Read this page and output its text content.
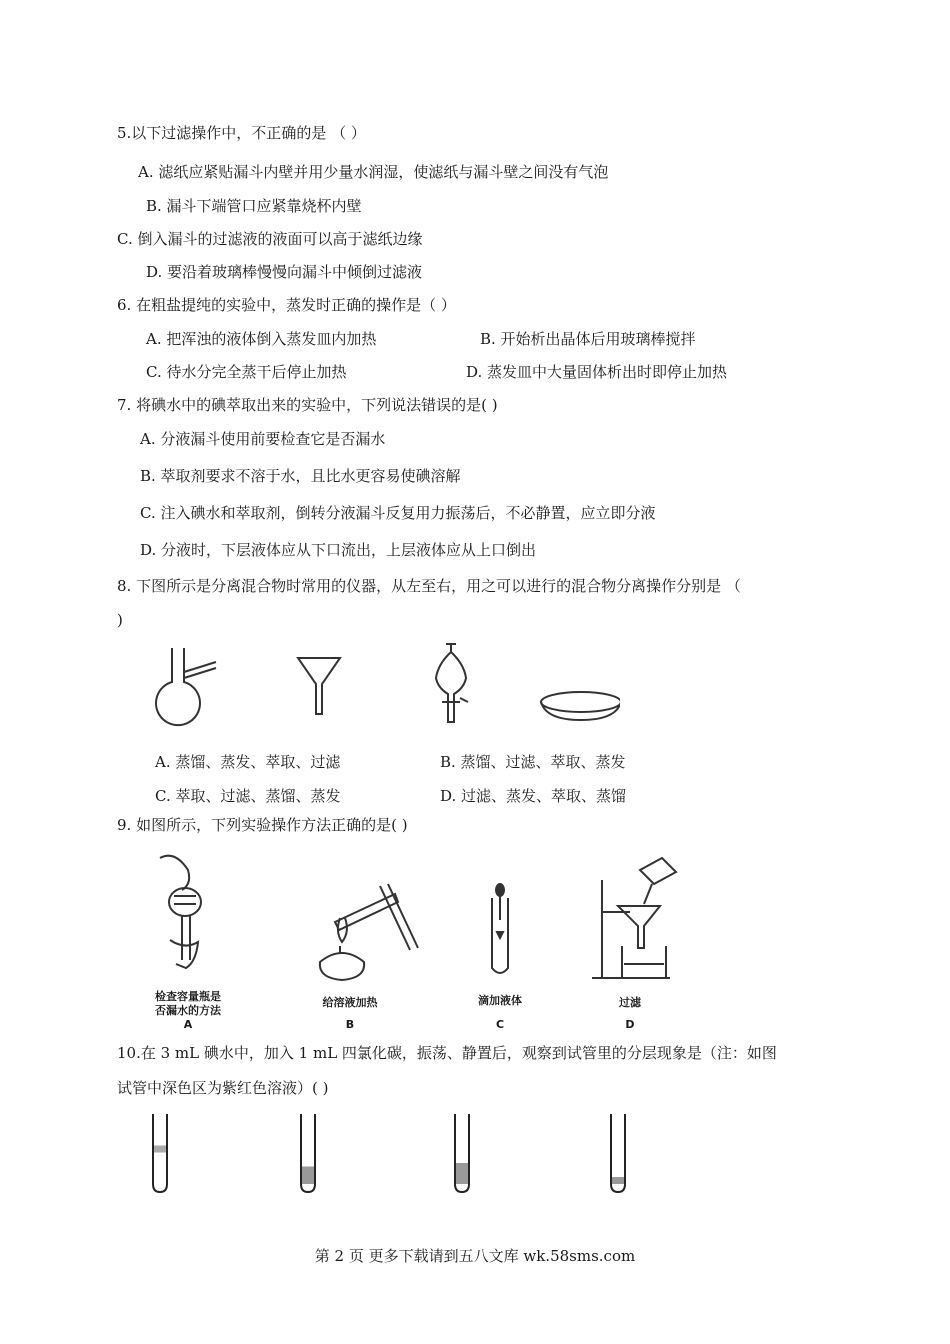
5.以下过滤操作中，不正确的是 （ ）
A. 滤纸应紧贴漏斗内壁并用少量水润湿，使滤纸与漏斗壁之间没有气泡
B. 漏斗下端管口应紧靠烧杯内壁
C. 倒入漏斗的过滤液的液面可以高于滤纸边缘
D. 要沿着玻璃棒慢慢向漏斗中倾倒过滤液
6. 在粗盐提纯的实验中，蒸发时正确的操作是（ ）
A. 把浑浊的液体倒入蒸发皿内加热	B. 开始析出晶体后用玻璃棒搅拌
C. 待水分完全蒸干后停止加热	D. 蒸发皿中大量固体析出时即停止加热
7. 将碘水中的碘萃取出来的实验中，下列说法错误的是( )
A. 分液漏斗使用前要检查它是否漏水
B. 萃取剂要求不溶于水，且比水更容易使碘溶解
C. 注入碘水和萃取剂，倒转分液漏斗反复用力振荡后，不必静置，应立即分液
D. 分液时，下层液体应从下口流出，上层液体应从上口倒出
8. 下图所示是分离混合物时常用的仪器，从左至右，用之可以进行的混合物分离操作分别是 （
)
A. 蒸馏、蒸发、萃取、过滤	B. 蒸馏、过滤、萃取、蒸发
C. 萃取、过滤、蒸馏、蒸发	D. 过滤、蒸发、萃取、蒸馏
9. 如图所示，下列实验操作方法正确的是( )
检查容量瓶是
否漏水的方法
给溶液加热	滴加液体	过滤
A	B	C	D
10.在 3 mL 碘水中，加入 1 mL 四氯化碳，振荡、静置后，观察到试管里的分层现象是（注：如图
试管中深色区为紫红色溶液）( )
第 2 页 更多下载请到五八文库 wk.58sms.com
